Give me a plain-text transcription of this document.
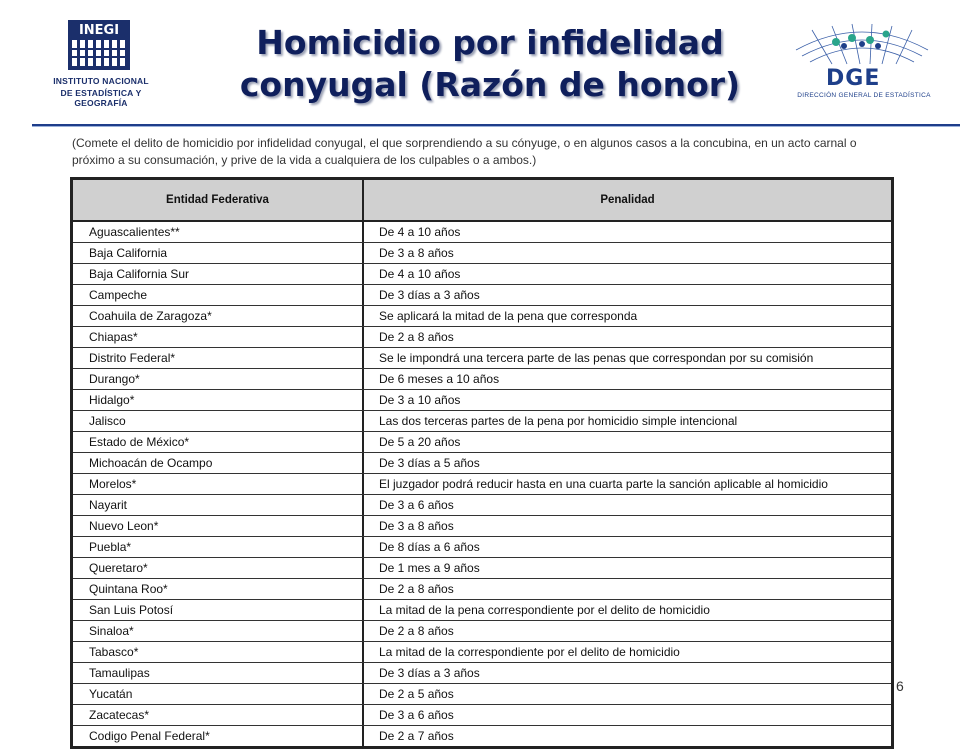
INEGI
INSTITUTO NACIONAL
DE ESTADÍSTICA Y GEOGRAFÍA
Homicidio por infidelidad
conyugal (Razón de honor)	DGE
DIRECCIÓN GENERAL DE ESTADÍSTICA
(Comete el delito de homicidio por infidelidad conyugal, el que sorprendiendo a su cónyuge, o en algunos casos a la concubina, en un acto carnal o próximo a su consumación, y prive de la vida a cualquiera de los culpables o a ambos.)
Entidad Federativa	Penalidad
Aguascalientes**	De 4 a 10 años
Baja California	De 3 a 8 años
Baja California Sur	De 4 a 10 años
Campeche	De 3 días a 3 años
Coahuila de Zaragoza*	Se aplicará la mitad de la pena que corresponda
Chiapas*	De 2 a 8 años
Distrito Federal*	Se le impondrá una tercera parte de las penas que correspondan por su comisión
Durango*	De 6 meses a 10 años
Hidalgo*	De 3 a 10 años
Jalisco	Las dos terceras partes de la pena por homicidio simple intencional
Estado de México*	De 5 a 20 años
Michoacán de Ocampo	De 3 días a 5 años
Morelos*	El juzgador podrá reducir hasta en una cuarta parte la sanción aplicable al homicidio
Nayarit	De 3 a 6 años
Nuevo Leon*	De 3 a 8 años
Puebla*	De 8 días a 6 años
Queretaro*	De 1 mes a 9 años
Quintana Roo*	De 2 a 8 años
San Luis Potosí	La mitad de la pena correspondiente por el delito de homicidio
Sinaloa*	De 2 a 8 años
Tabasco*	La mitad de la correspondiente por el delito de homicidio
Tamaulipas	De 3 días a 3 años
Yucatán	De 2 a 5 años
Zacatecas*	De 3 a 6 años
Codigo Penal Federal*	De 2 a 7 años
6
